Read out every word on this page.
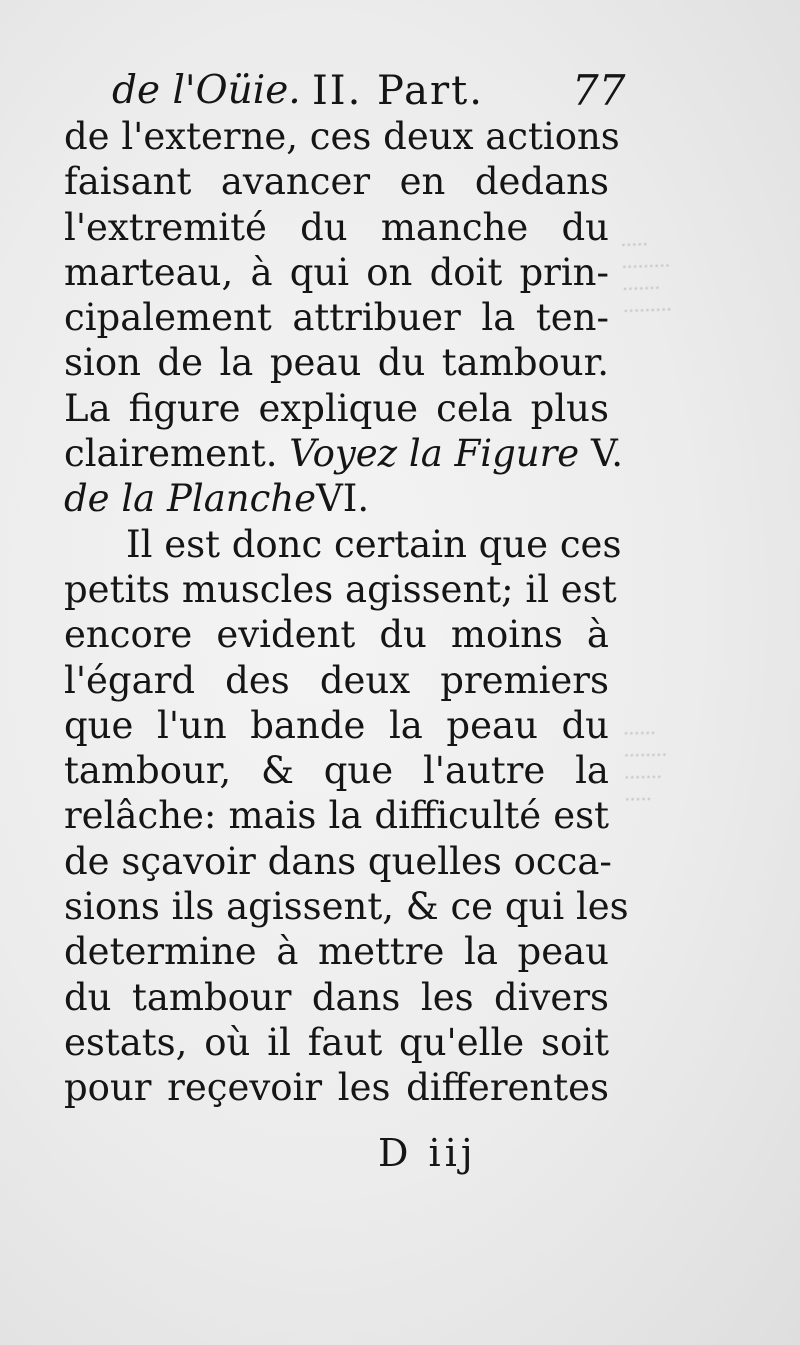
·····
·········
·······
·········
······
········
·······
·····
de l'Oüie. II. Part. 77
de l'externe, ces deux actions
faisant avancer en dedans
l'extremité du manche du
marteau, à qui on doit prin-
cipalement attribuer la ten-
sion de la peau du tambour.
La figure explique cela plus
clairement. Voyez la Figure V.
de la PlancheVI.
Il est donc certain que ces
petits muscles agissent; il est
encore evident du moins à
l'égard des deux premiers
que l'un bande la peau du
tambour, & que l'autre la
relâche: mais la difficulté est
de sçavoir dans quelles occa-
sions ils agissent, & ce qui les
determine à mettre la peau
du tambour dans les divers
estats, où il faut qu'elle soit
pour reçevoir les differentes
D iij
